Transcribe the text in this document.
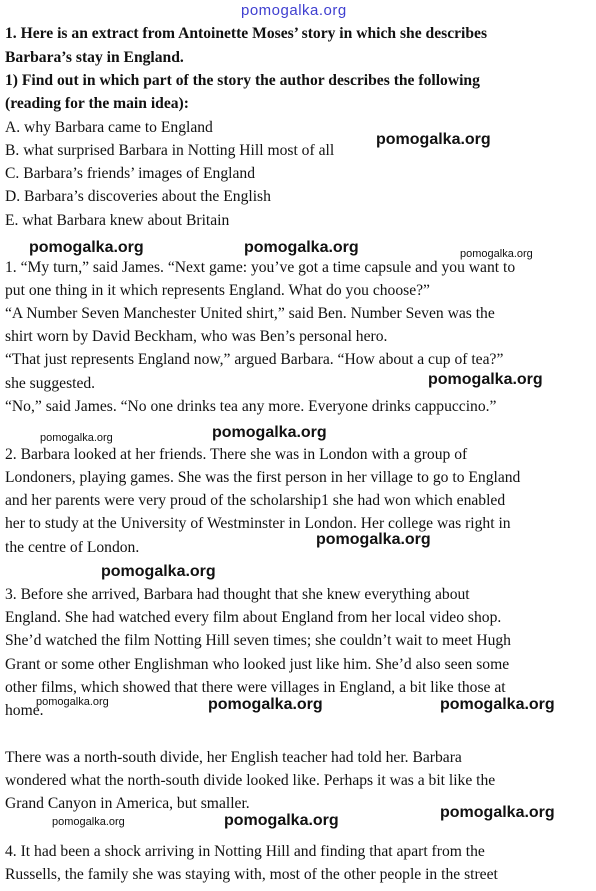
pomogalka.org
1. Here is an extract from Antoinette Moses’ story in which she describes
Barbara’s stay in England.
1) Find out in which part of the story the author describes the following
(reading for the main idea):
A. why Barbara came to England
B. what surprised Barbara in Notting Hill most of all
C. Barbara’s friends’ images of England
D. Barbara’s discoveries about the English
E. what Barbara knew about Britain
1. “My turn,” said James. “Next game: you’ve got a time capsule and you want to
put one thing in it which represents England. What do you choose?”
“A Number Seven Manchester United shirt,” said Ben. Number Seven was the
shirt worn by David Beckham, who was Ben’s personal hero.
“That just represents England now,” argued Barbara. “How about a cup of tea?”
she suggested.
“No,” said James. “No one drinks tea any more. Everyone drinks cappuccino.”
2. Barbara looked at her friends. There she was in London with a group of
Londoners, playing games. She was the first person in her village to go to England
and her parents were very proud of the scholarship1 she had won which enabled
her to study at the University of Westminster in London. Her college was right in
the centre of London.
3. Before she arrived, Barbara had thought that she knew everything about
England. She had watched every film about England from her local video shop.
She’d watched the film Notting Hill seven times; she couldn’t wait to meet Hugh
Grant or some other Englishman who looked just like him. She’d also seen some
other films, which showed that there were villages in England, a bit like those at
home.
There was a north-south divide, her English teacher had told her. Barbara
wondered what the north-south divide looked like. Perhaps it was a bit like the
Grand Canyon in America, but smaller.
4. It had been a shock arriving in Notting Hill and finding that apart from the
Russells, the family she was staying with, most of the other people in the street
pomogalka.org
pomogalka.org	pomogalka.org	pomogalka.org
pomogalka.org
pomogalka.org	pomogalka.org
pomogalka.org
pomogalka.org
pomogalka.org	pomogalka.org	pomogalka.org
pomogalka.org
pomogalka.org	pomogalka.org
